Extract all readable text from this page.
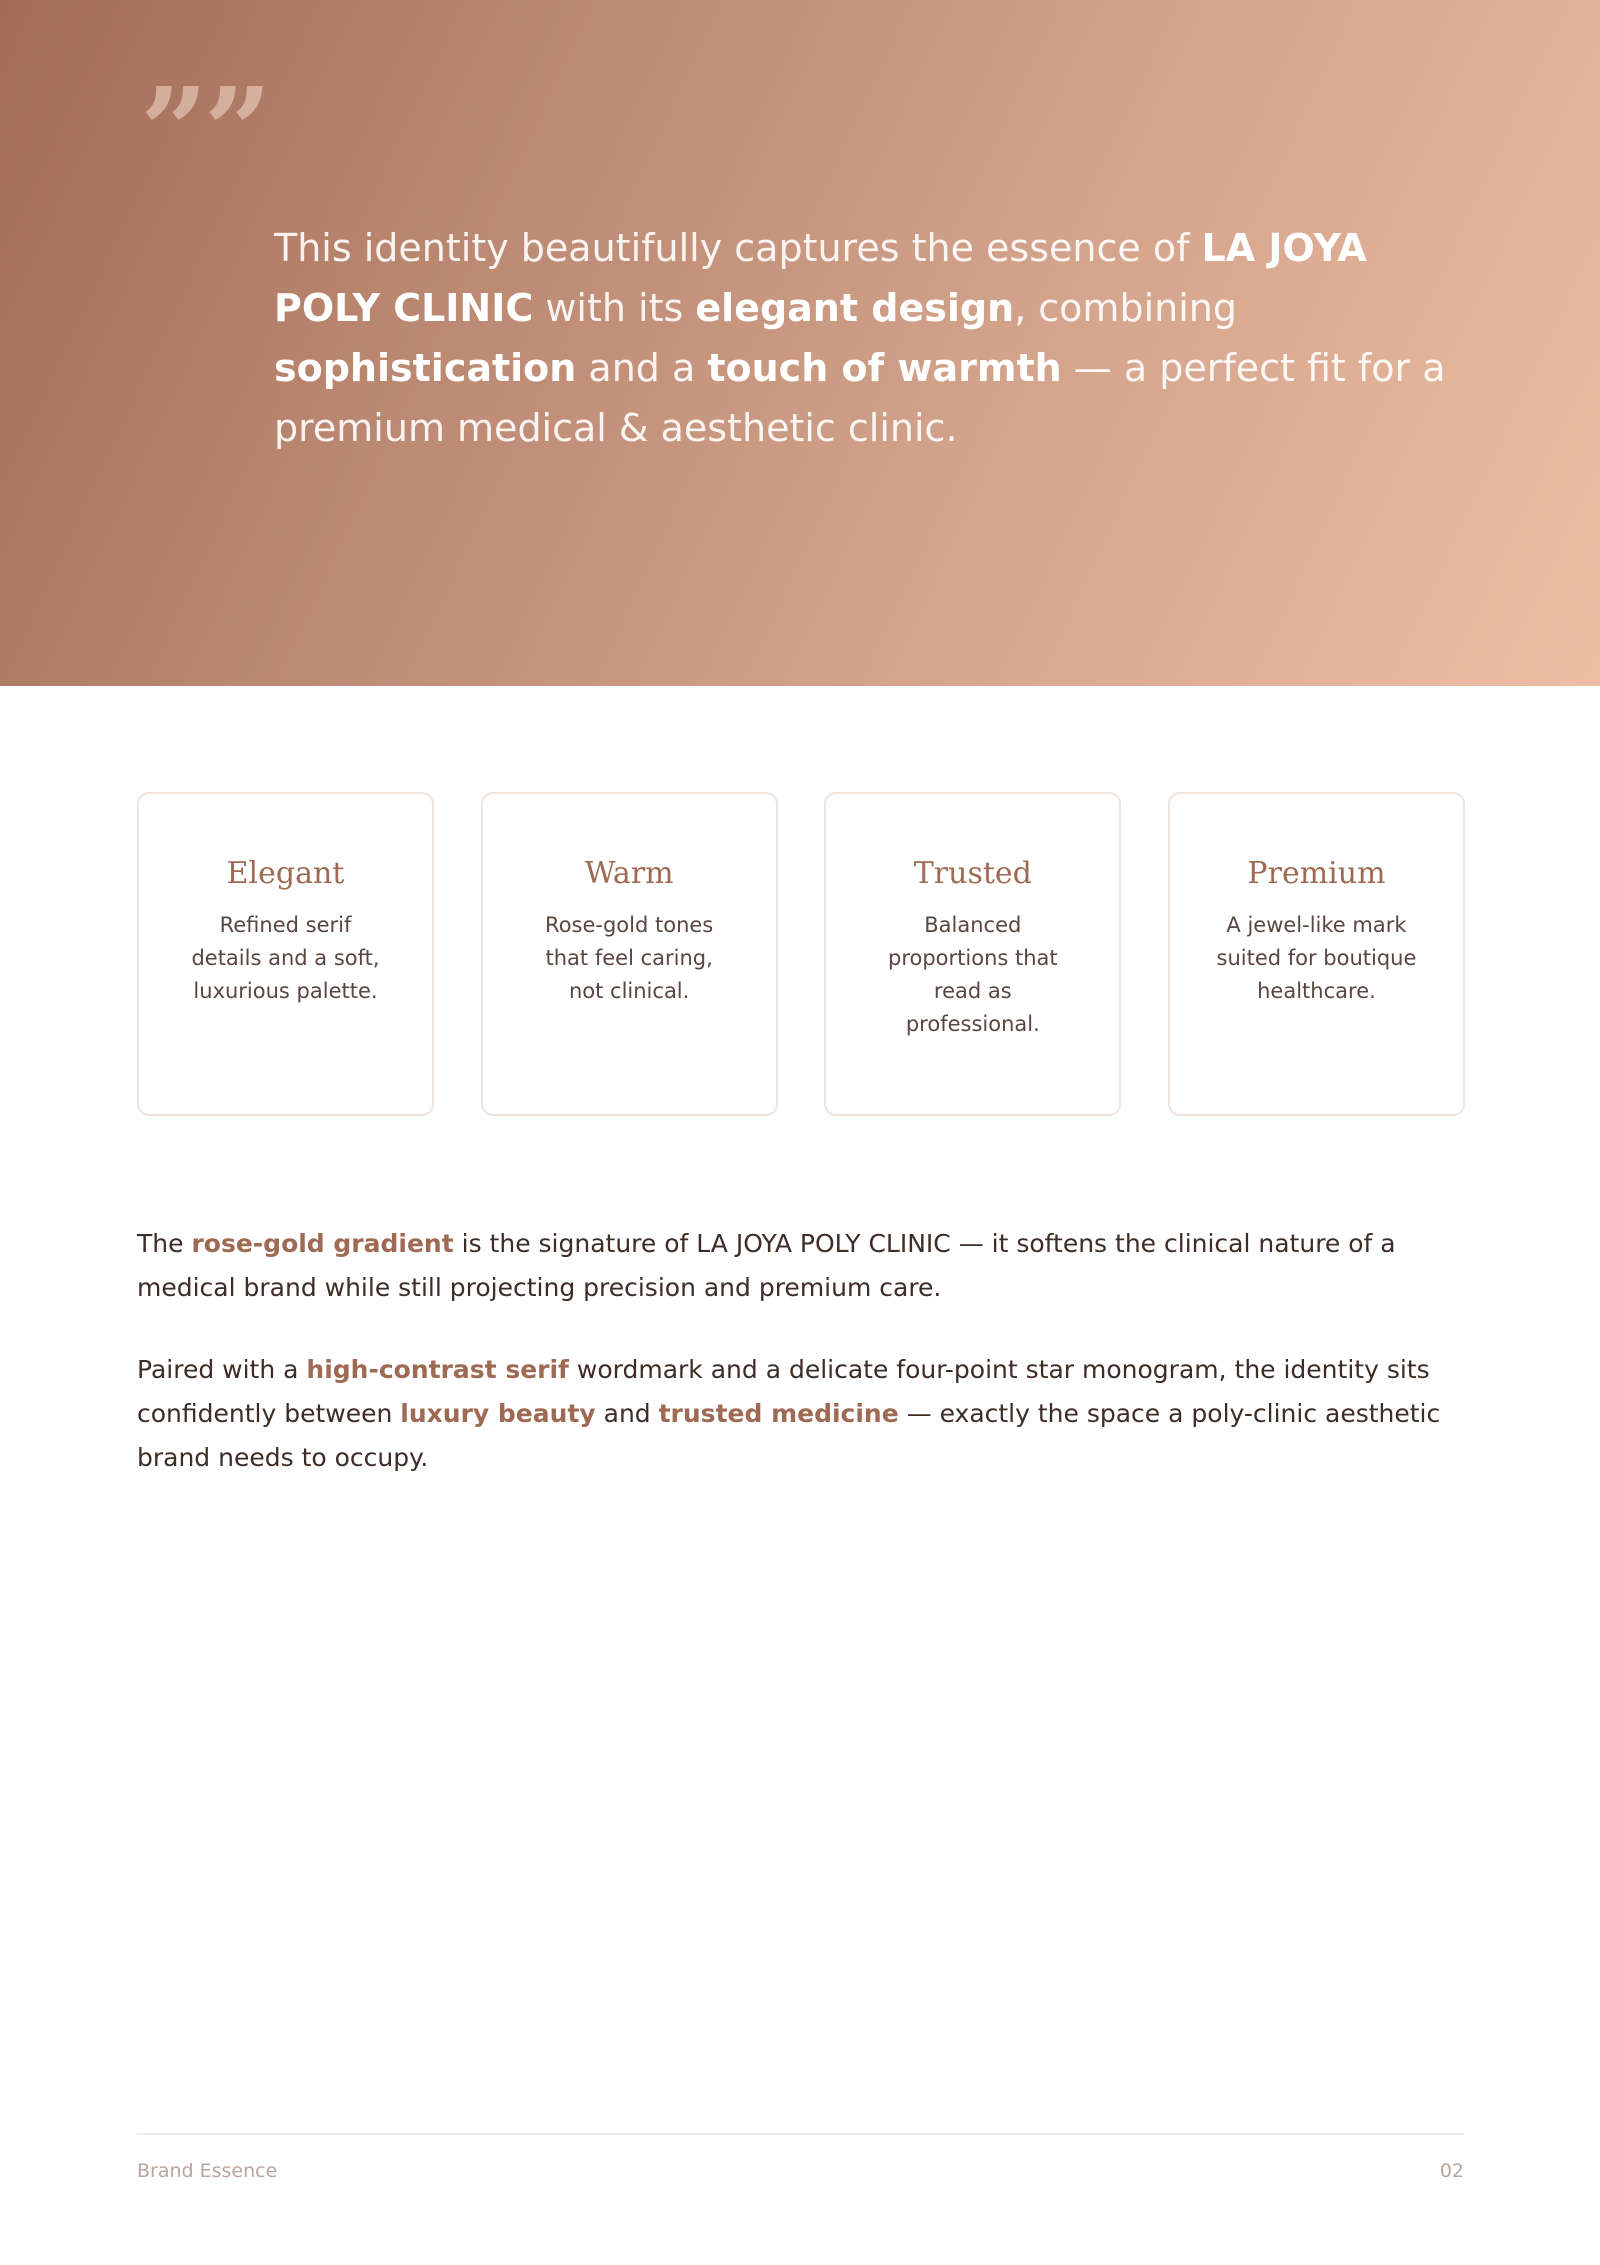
””

This identity beautifully captures the essence of LA JOYA POLY CLINIC with its elegant design, combining sophistication and a touch of warmth — a perfect fit for a premium medical & aesthetic clinic.

Elegant

Refined serif details and a soft, luxurious palette.

Warm

Rose-gold tones that feel caring, not clinical.

Trusted

Balanced proportions that read as professional.

Premium

A jewel-like mark suited for boutique healthcare.

The rose-gold gradient is the signature of LA JOYA POLY CLINIC — it softens the clinical nature of a medical brand while still projecting precision and premium care.

Paired with a high-contrast serif wordmark and a delicate four-point star monogram, the identity sits confidently between luxury beauty and trusted medicine — exactly the space a poly-clinic aesthetic brand needs to occupy.

Brand Essence	02
